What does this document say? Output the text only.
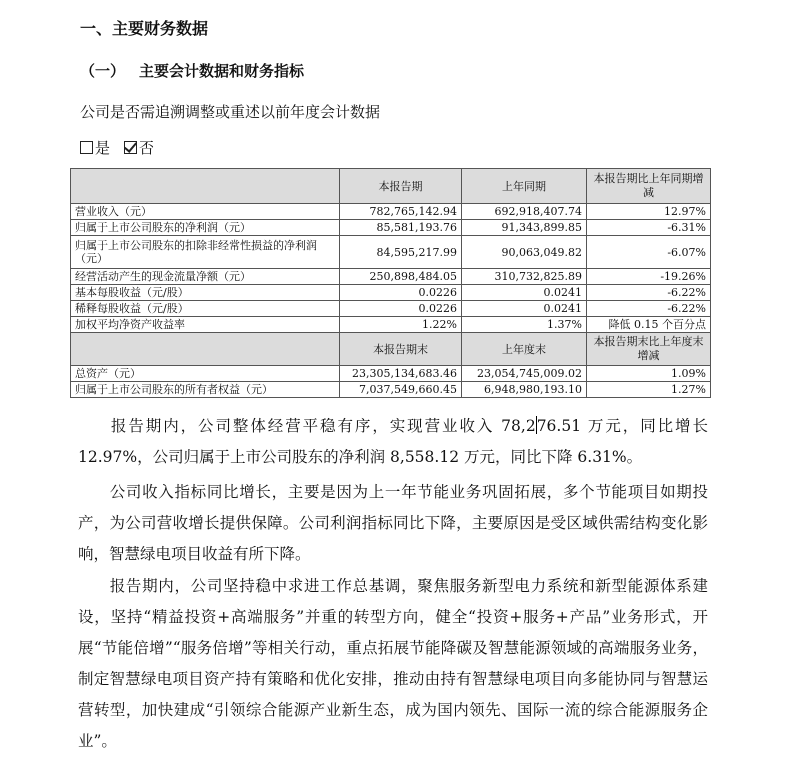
一、主要财务数据
（一） 主要会计数据和财务指标
公司是否需追溯调整或重述以前年度会计数据
是 否
	本报告期	上年同期	本报告期比上年同期增减
营业收入（元）	782,765,142.94	692,918,407.74	12.97%
归属于上市公司股东的净利润（元）	85,581,193.76	91,343,899.85	-6.31%
归属于上市公司股东的扣除非经常性损益的净利润（元）	84,595,217.99	90,063,049.82	-6.07%
经营活动产生的现金流量净额（元）	250,898,484.05	310,732,825.89	-19.26%
基本每股收益（元/股）	0.0226	0.0241	-6.22%
稀释每股收益（元/股）	0.0226	0.0241	-6.22%
加权平均净资产收益率	1.22%	1.37%	降低 0.15 个百分点
	本报告期末	上年度末	本报告期末比上年度末增减
总资产（元）	23,305,134,683.46	23,054,745,009.02	1.09%
归属于上市公司股东的所有者权益（元）	7,037,549,660.45	6,948,980,193.10	1.27%
报告期内，公司整体经营平稳有序，实现营业收入 78,276.51 万元，同比增长 12.97%，公司归属于上市公司股东的净利润 8,558.12 万元，同比下降 6.31%。
公司收入指标同比增长，主要是因为上一年节能业务巩固拓展，多个节能项目如期投产，为公司营收增长提供保障。公司利润指标同比下降，主要原因是受区域供需结构变化影响，智慧绿电项目收益有所下降。
报告期内，公司坚持稳中求进工作总基调，聚焦服务新型电力系统和新型能源体系建设，坚持“精益投资+高端服务”并重的转型方向，健全“投资+服务+产品”业务形式，开展“节能倍增”“服务倍增”等相关行动，重点拓展节能降碳及智慧能源领域的高端服务业务，制定智慧绿电项目资产持有策略和优化安排，推动由持有智慧绿电项目向多能协同与智慧运营转型，加快建成“引领综合能源产业新生态，成为国内领先、国际一流的综合能源服务企业”。
